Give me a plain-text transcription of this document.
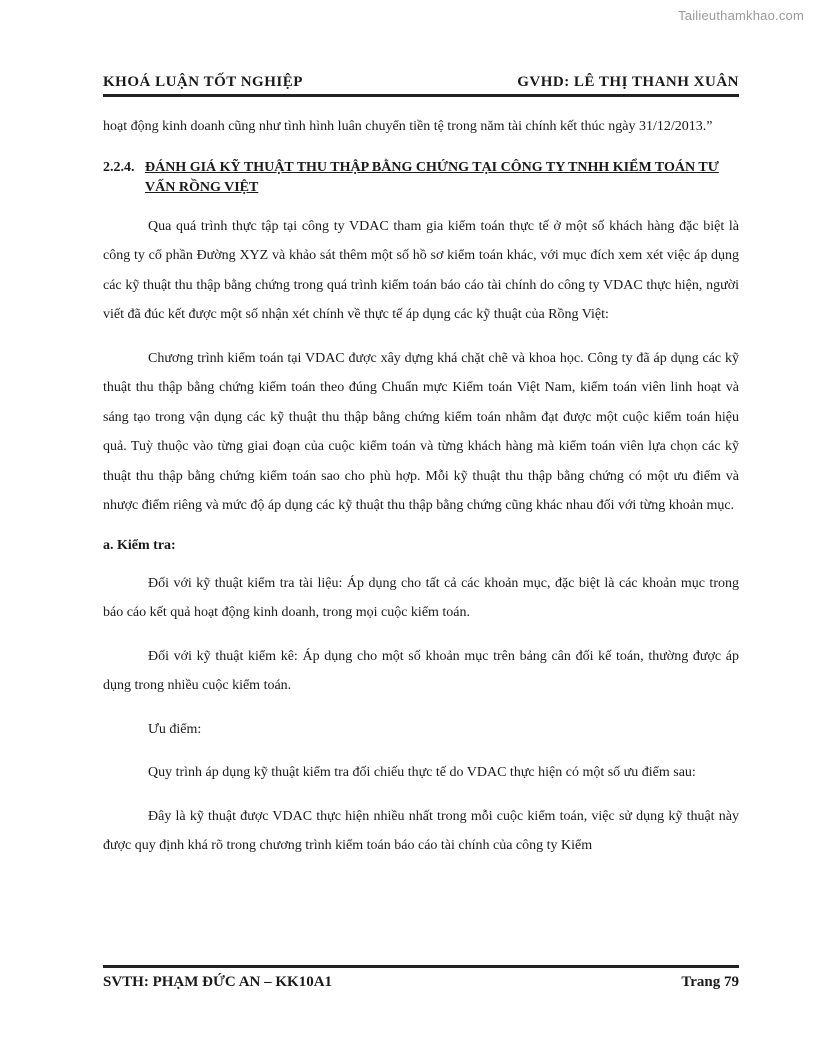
Tailieuthamkhao.com
KHOÁ LUẬN TỐT NGHIỆP	GVHD: LÊ THỊ THANH XUÂN

hoạt động kinh doanh cũng như tình hình luân chuyển tiền tệ trong năm tài chính kết thúc ngày 31/12/2013.”

2.2.4. ĐÁNH GIÁ KỸ THUẬT THU THẬP BẰNG CHỨNG TẠI CÔNG TY TNHH KIỂM TOÁN TƯ VẤN RỒNG VIỆT

Qua quá trình thực tập tại công ty VDAC tham gia kiểm toán thực tế ở một số khách hàng đặc biệt là công ty cổ phần Đường XYZ và khảo sát thêm một số hồ sơ kiểm toán khác, với mục đích xem xét việc áp dụng các kỹ thuật thu thập bằng chứng trong quá trình kiểm toán báo cáo tài chính do công ty VDAC thực hiện, người viết đã đúc kết được một số nhận xét chính về thực tế áp dụng các kỹ thuật của Rồng Việt:

Chương trình kiểm toán tại VDAC được xây dựng khá chặt chẽ và khoa học. Công ty đã áp dụng các kỹ thuật thu thập bằng chứng kiểm toán theo đúng Chuẩn mực Kiểm toán Việt Nam, kiểm toán viên linh hoạt và sáng tạo trong vận dụng các kỹ thuật thu thập bằng chứng kiểm toán nhằm đạt được một cuộc kiểm toán hiệu quả. Tuỳ thuộc vào từng giai đoạn của cuộc kiểm toán và từng khách hàng mà kiểm toán viên lựa chọn các kỹ thuật thu thập bằng chứng kiểm toán sao cho phù hợp. Mỗi kỹ thuật thu thập bằng chứng có một ưu điểm và nhược điểm riêng và mức độ áp dụng các kỹ thuật thu thập bằng chứng cũng khác nhau đối với từng khoản mục.

a. Kiểm tra:

Đối với kỹ thuật kiểm tra tài liệu: Áp dụng cho tất cả các khoản mục, đặc biệt là các khoản mục trong báo cáo kết quả hoạt động kinh doanh, trong mọi cuộc kiểm toán.

Đối với kỹ thuật kiểm kê: Áp dụng cho một số khoản mục trên bảng cân đối kế toán, thường được áp dụng trong nhiều cuộc kiểm toán.

Ưu điểm:

Quy trình áp dụng kỹ thuật kiểm tra đối chiếu thực tế do VDAC thực hiện có một số ưu điểm sau:

Đây là kỹ thuật được VDAC thực hiện nhiều nhất trong mỗi cuộc kiểm toán, việc sử dụng kỹ thuật này được quy định khá rõ trong chương trình kiểm toán báo cáo tài chính của công ty Kiểm

SVTH: PHẠM ĐỨC AN – KK10A1	Trang 79
